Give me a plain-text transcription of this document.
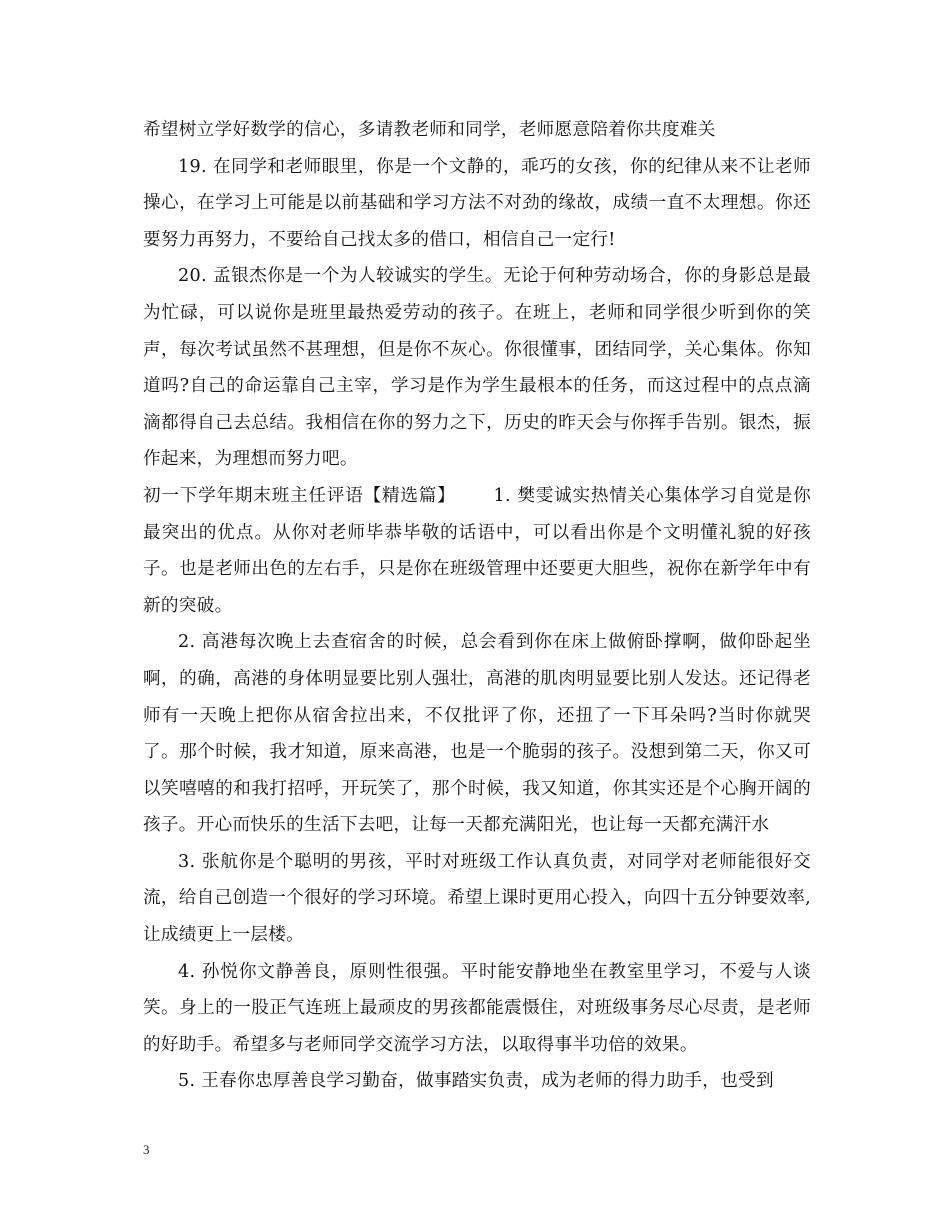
希望树立学好数学的信心，多请教老师和同学，老师愿意陪着你共度难关

19. 在同学和老师眼里，你是一个文静的，乖巧的女孩，你的纪律从来不让老师操心，在学习上可能是以前基础和学习方法不对劲的缘故，成绩一直不太理想。你还要努力再努力，不要给自己找太多的借口，相信自己一定行!

20. 孟银杰你是一个为人较诚实的学生。无论于何种劳动场合，你的身影总是最为忙碌，可以说你是班里最热爱劳动的孩子。在班上，老师和同学很少听到你的笑声，每次考试虽然不甚理想，但是你不灰心。你很懂事，团结同学，关心集体。你知道吗?自己的命运靠自己主宰，学习是作为学生最根本的任务，而这过程中的点点滴滴都得自己去总结。我相信在你的努力之下，历史的昨天会与你挥手告别。银杰，振作起来，为理想而努力吧。

初一下学年期末班主任评语【精选篇】 1. 樊雯诚实热情关心集体学习自觉是你最突出的优点。从你对老师毕恭毕敬的话语中，可以看出你是个文明懂礼貌的好孩子。也是老师出色的左右手，只是你在班级管理中还要更大胆些，祝你在新学年中有新的突破。

2. 高港每次晚上去查宿舍的时候，总会看到你在床上做俯卧撑啊，做仰卧起坐啊，的确，高港的身体明显要比别人强壮，高港的肌肉明显要比别人发达。还记得老师有一天晚上把你从宿舍拉出来，不仅批评了你，还扭了一下耳朵吗?当时你就哭了。那个时候，我才知道，原来高港，也是一个脆弱的孩子。没想到第二天，你又可以笑嘻嘻的和我打招呼，开玩笑了，那个时候，我又知道，你其实还是个心胸开阔的孩子。开心而快乐的生活下去吧，让每一天都充满阳光，也让每一天都充满汗水

3. 张航你是个聪明的男孩，平时对班级工作认真负责，对同学对老师能很好交流，给自己创造一个很好的学习环境。希望上课时更用心投入，向四十五分钟要效率,让成绩更上一层楼。

4. 孙悦你文静善良，原则性很强。平时能安静地坐在教室里学习，不爱与人谈笑。身上的一股正气连班上最顽皮的男孩都能震慑住，对班级事务尽心尽责，是老师的好助手。希望多与老师同学交流学习方法，以取得事半功倍的效果。

5. 王春你忠厚善良学习勤奋，做事踏实负责，成为老师的得力助手，也受到

3
